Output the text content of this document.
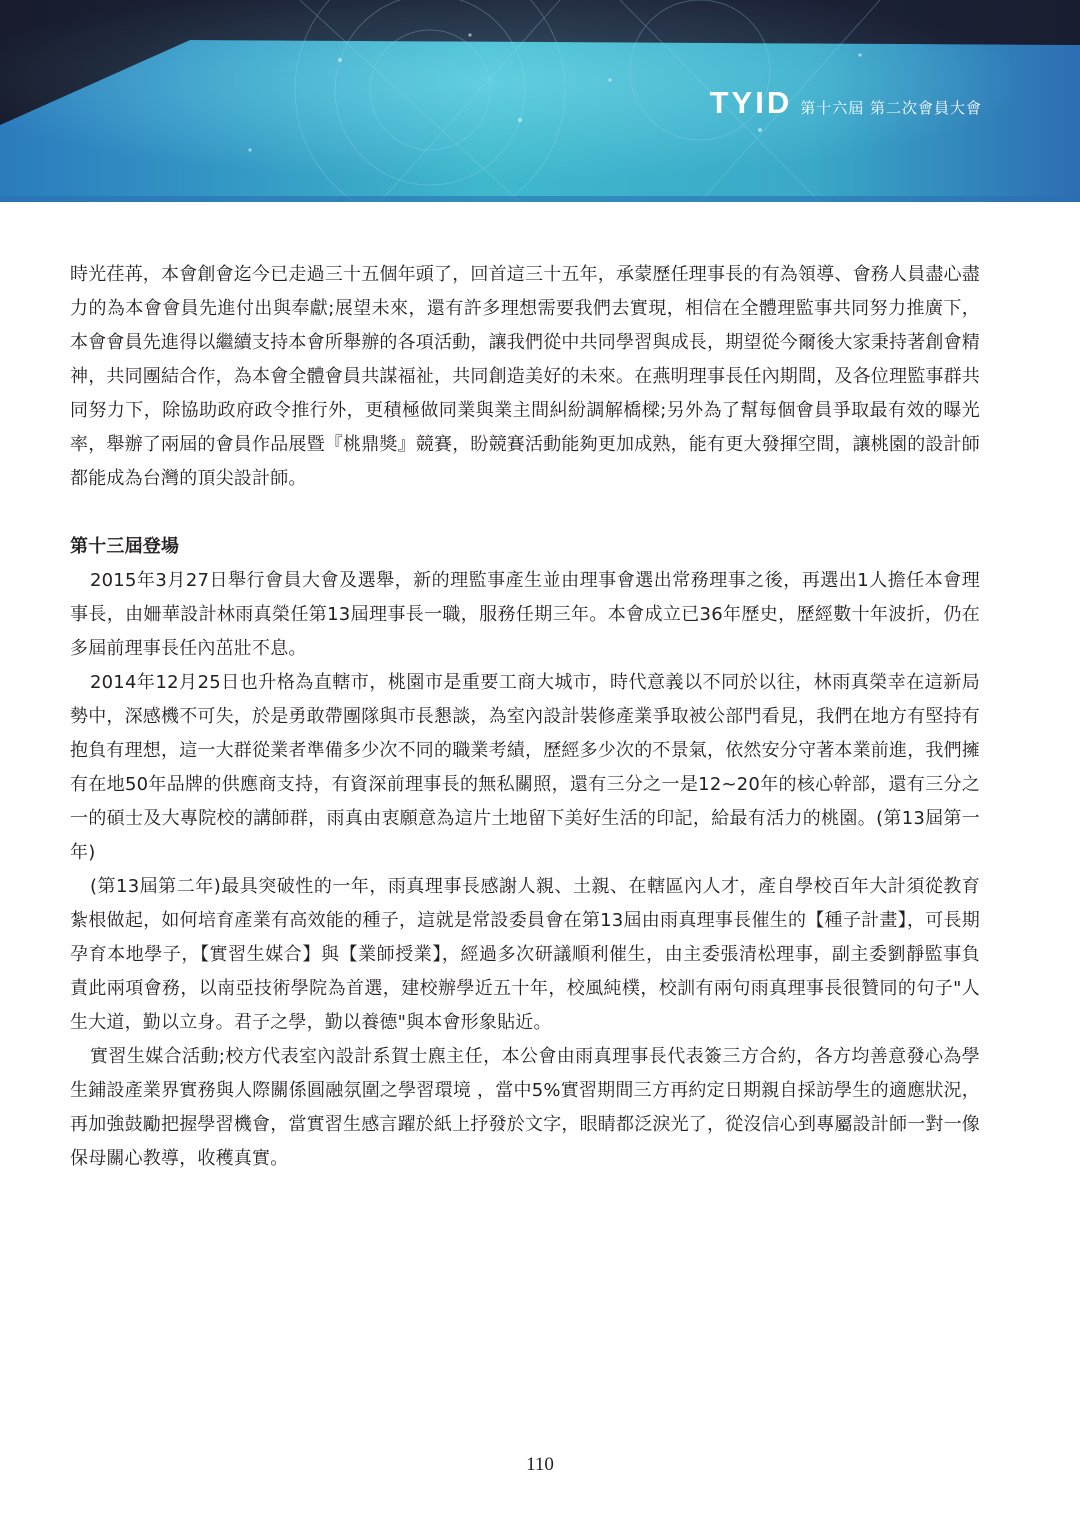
TYID 第十六屆 第二次會員大會

時光荏苒，本會創會迄今已走過三十五個年頭了，回首這三十五年，承蒙歷任理事長的有為領導、會務人員盡心盡力的為本會會員先進付出與奉獻;展望未來，還有許多理想需要我們去實現，相信在全體理監事共同努力推廣下，本會會員先進得以繼續支持本會所舉辦的各項活動，讓我們從中共同學習與成長，期望從今爾後大家秉持著創會精神，共同團結合作，為本會全體會員共謀福祉，共同創造美好的未來。在燕明理事長任內期間，及各位理監事群共同努力下，除協助政府政令推行外，更積極做同業與業主間糾紛調解橋樑;另外為了幫每個會員爭取最有效的曝光率，舉辦了兩屆的會員作品展暨『桃鼎獎』競賽，盼競賽活動能夠更加成熟，能有更大發揮空間，讓桃園的設計師都能成為台灣的頂尖設計師。

第十三屆登場

2015年3月27日舉行會員大會及選舉，新的理監事產生並由理事會選出常務理事之後，再選出1人擔任本會理事長，由姍華設計林雨真榮任第13屆理事長一職，服務任期三年。本會成立已36年歷史，歷經數十年波折，仍在多屆前理事長任內茁壯不息。

2014年12月25日也升格為直轄市，桃園市是重要工商大城市，時代意義以不同於以往，林雨真榮幸在這新局勢中，深感機不可失，於是勇敢帶團隊與市長懇談，為室內設計裝修產業爭取被公部門看見，我們在地方有堅持有抱負有理想，這一大群從業者準備多少次不同的職業考績，歷經多少次的不景氣，依然安分守著本業前進，我們擁有在地50年品牌的供應商支持，有資深前理事長的無私關照，還有三分之一是12~20年的核心幹部，還有三分之一的碩士及大專院校的講師群，雨真由衷願意為這片土地留下美好生活的印記，給最有活力的桃園。(第13屆第一年)

(第13屆第二年)最具突破性的一年，雨真理事長感謝人親、土親、在轄區內人才，產自學校百年大計須從教育紮根做起，如何培育產業有高效能的種子，這就是常設委員會在第13屆由雨真理事長催生的【種子計畫】，可長期孕育本地學子，【實習生媒合】與【業師授業】，經過多次研議順利催生，由主委張清松理事，副主委劉靜監事負責此兩項會務，以南亞技術學院為首選，建校辦學近五十年，校風純樸，校訓有兩句雨真理事長很贊同的句子"人生大道，勤以立身。君子之學，勤以養德"與本會形象貼近。

實習生媒合活動;校方代表室內設計系賀士麃主任，本公會由雨真理事長代表簽三方合約，各方均善意發心為學生鋪設產業界實務與人際關係圓融氛圍之學習環境 ，當中5%實習期間三方再約定日期親自採訪學生的適應狀況，再加強鼓勵把握學習機會，當實習生感言躍於紙上抒發於文字，眼睛都泛淚光了，從沒信心到專屬設計師一對一像保母關心教導，收穫真實。

110
